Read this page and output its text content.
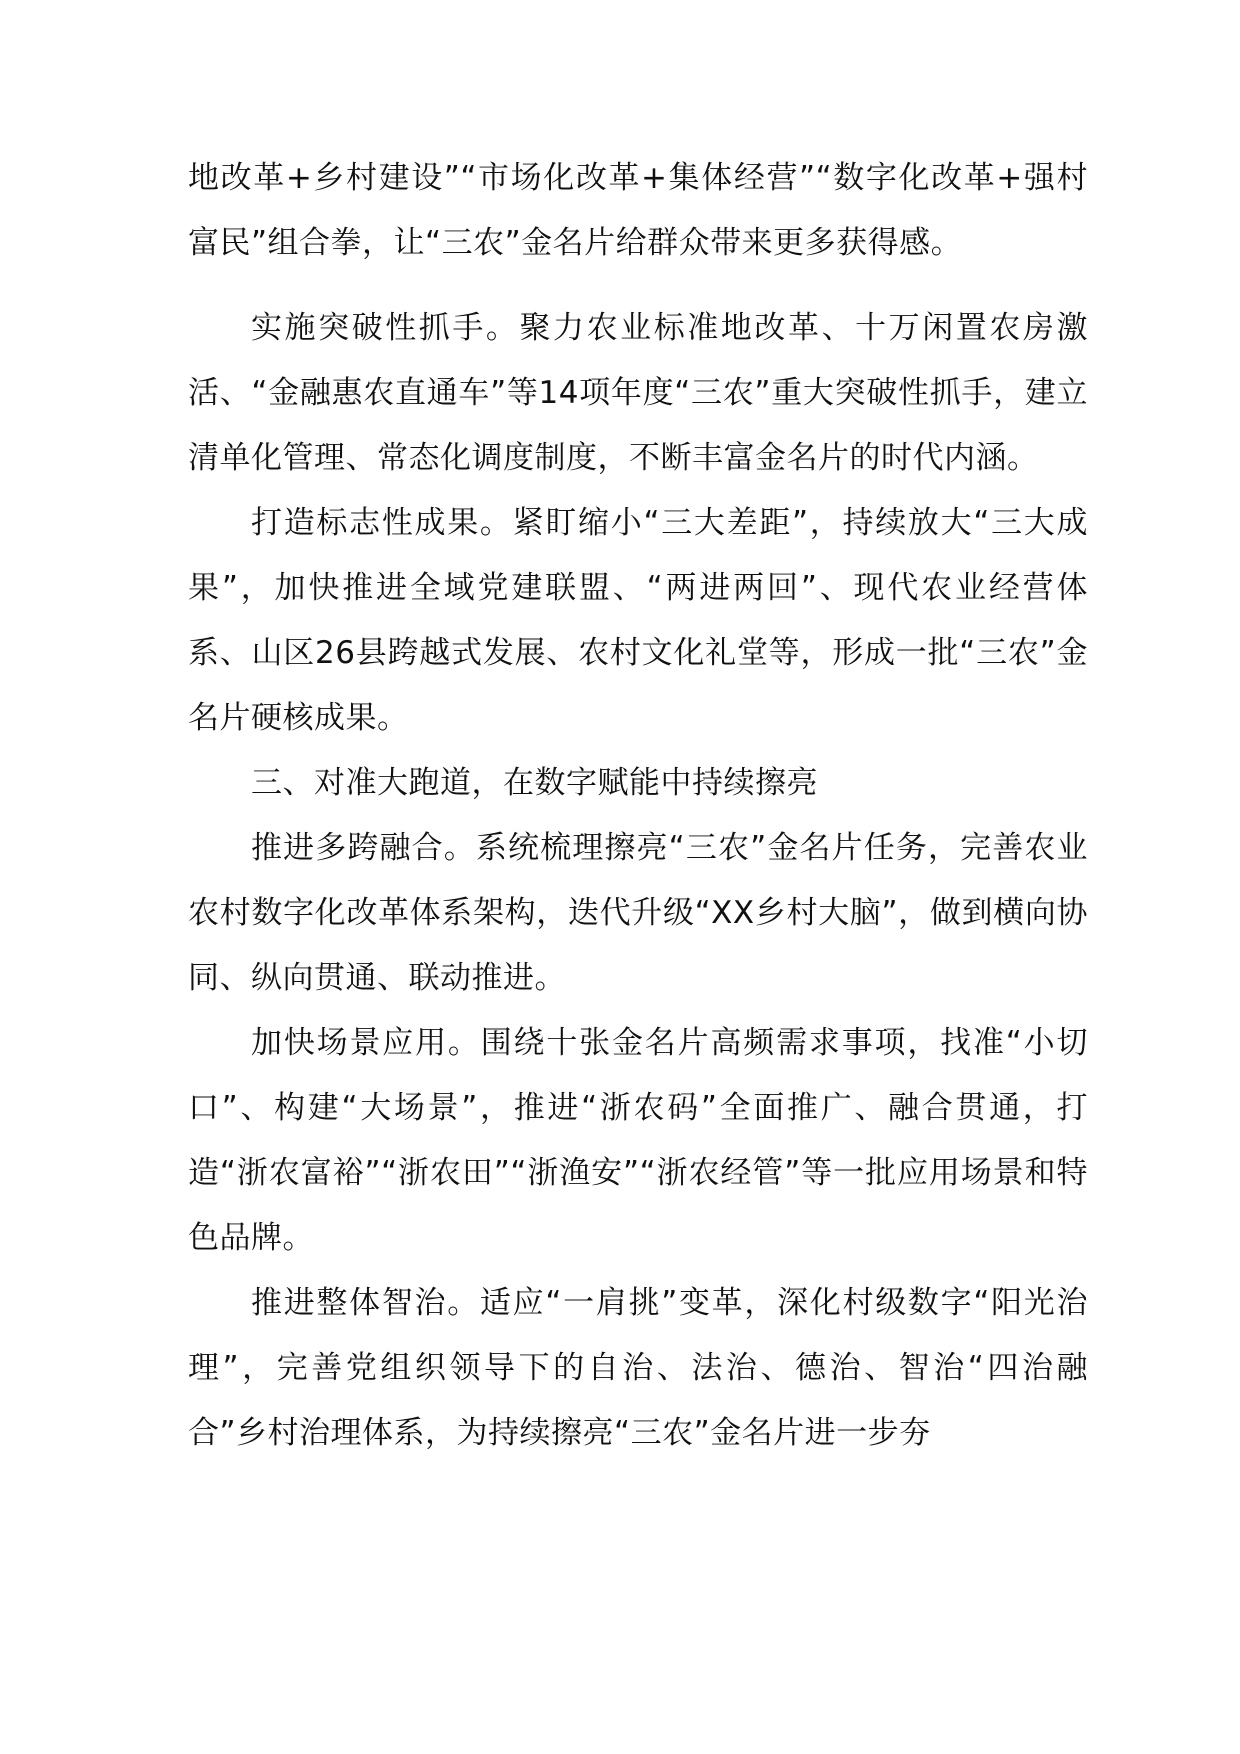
地改革+乡村建设”“市场化改革+集体经营”“数字化改革+强村富民”组合拳，让“三农”金名片给群众带来更多获得感。

实施突破性抓手。聚力农业标准地改革、十万闲置农房激活、“金融惠农直通车”等14项年度“三农”重大突破性抓手，建立清单化管理、常态化调度制度，不断丰富金名片的时代内涵。

打造标志性成果。紧盯缩小“三大差距”，持续放大“三大成果”，加快推进全域党建联盟、“两进两回”、现代农业经营体系、山区26县跨越式发展、农村文化礼堂等，形成一批“三农”金名片硬核成果。

三、对准大跑道，在数字赋能中持续擦亮

推进多跨融合。系统梳理擦亮“三农”金名片任务，完善农业农村数字化改革体系架构，迭代升级“XX乡村大脑”，做到横向协同、纵向贯通、联动推进。

加快场景应用。围绕十张金名片高频需求事项，找准“小切口”、构建“大场景”，推进“浙农码”全面推广、融合贯通，打造“浙农富裕”“浙农田”“浙渔安”“浙农经管”等一批应用场景和特色品牌。

推进整体智治。适应“一肩挑”变革，深化村级数字“阳光治理”，完善党组织领导下的自治、法治、德治、智治“四治融合”乡村治理体系，为持续擦亮“三农”金名片进一步夯
